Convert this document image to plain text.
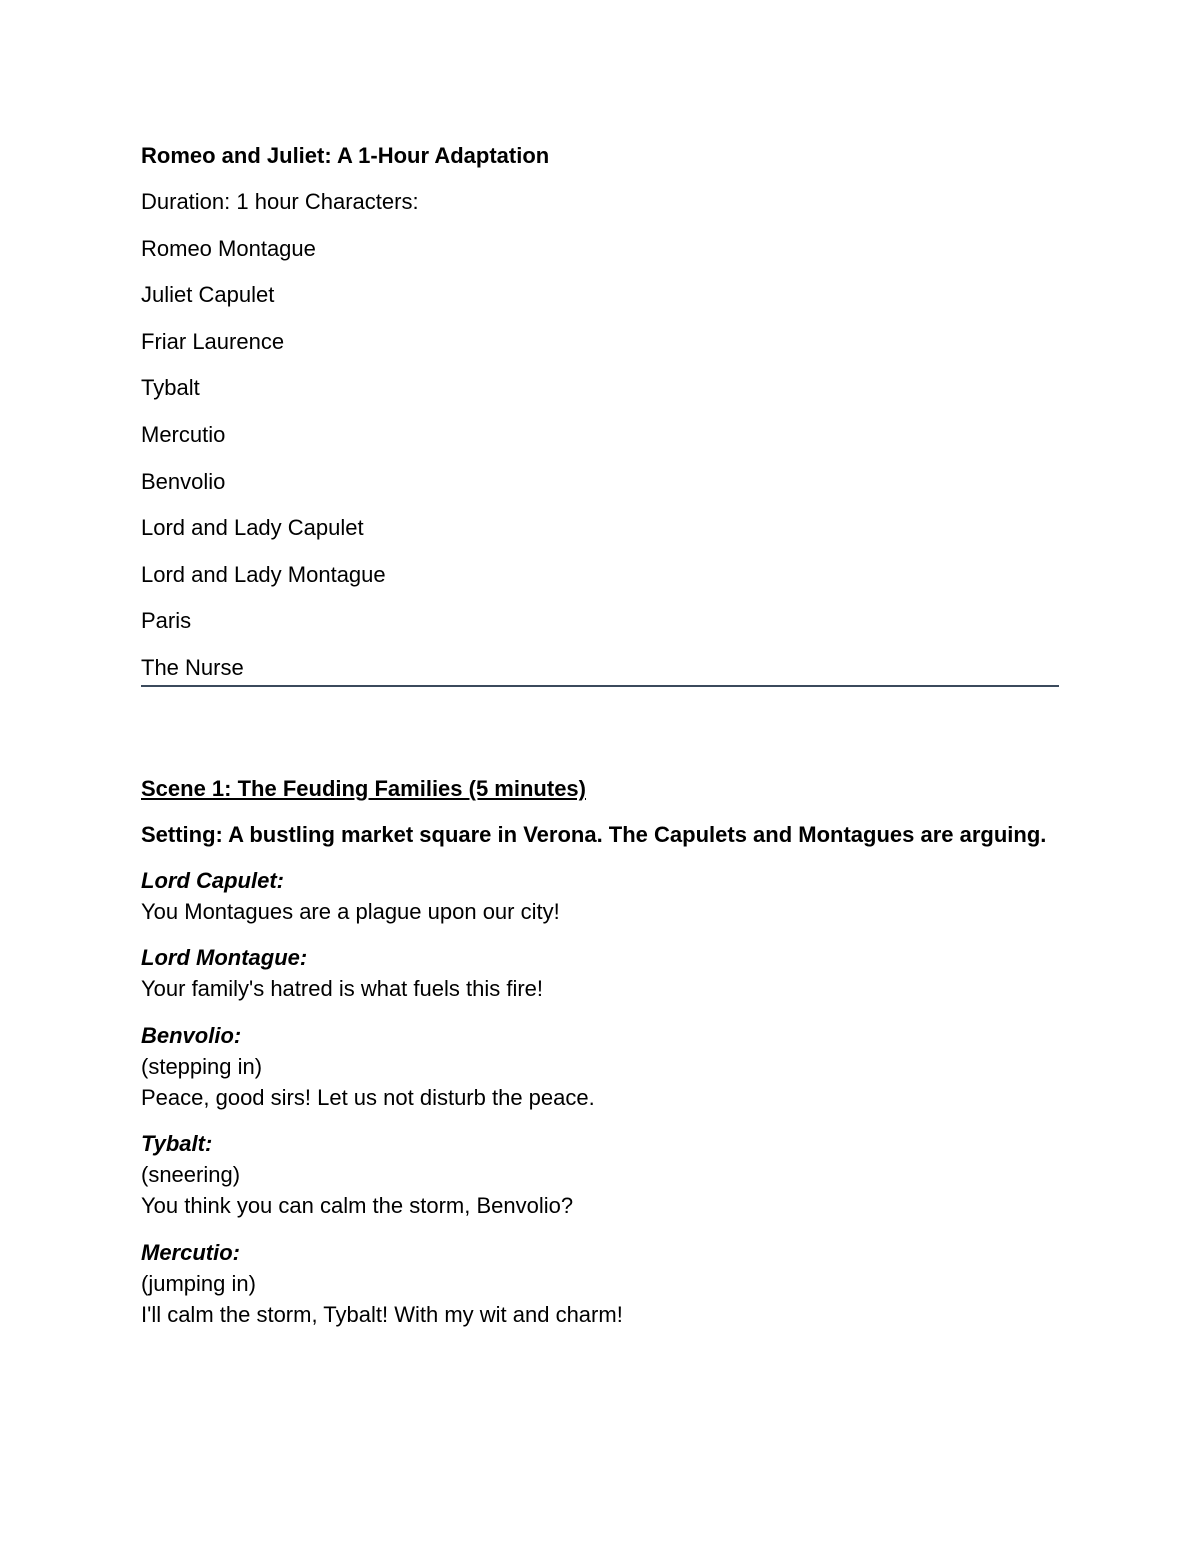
Romeo and Juliet: A 1-Hour Adaptation
Duration: 1 hour Characters:
Romeo Montague
Juliet Capulet
Friar Laurence
Tybalt
Mercutio
Benvolio
Lord and Lady Capulet
Lord and Lady Montague
Paris
The Nurse
Scene 1: The Feuding Families (5 minutes)
Setting: A bustling market square in Verona. The Capulets and Montagues are arguing.
Lord Capulet:
You Montagues are a plague upon our city!
Lord Montague:
Your family's hatred is what fuels this fire!
Benvolio:
(stepping in)
Peace, good sirs! Let us not disturb the peace.
Tybalt:
(sneering)
You think you can calm the storm, Benvolio?
Mercutio:
(jumping in)
I'll calm the storm, Tybalt! With my wit and charm!
